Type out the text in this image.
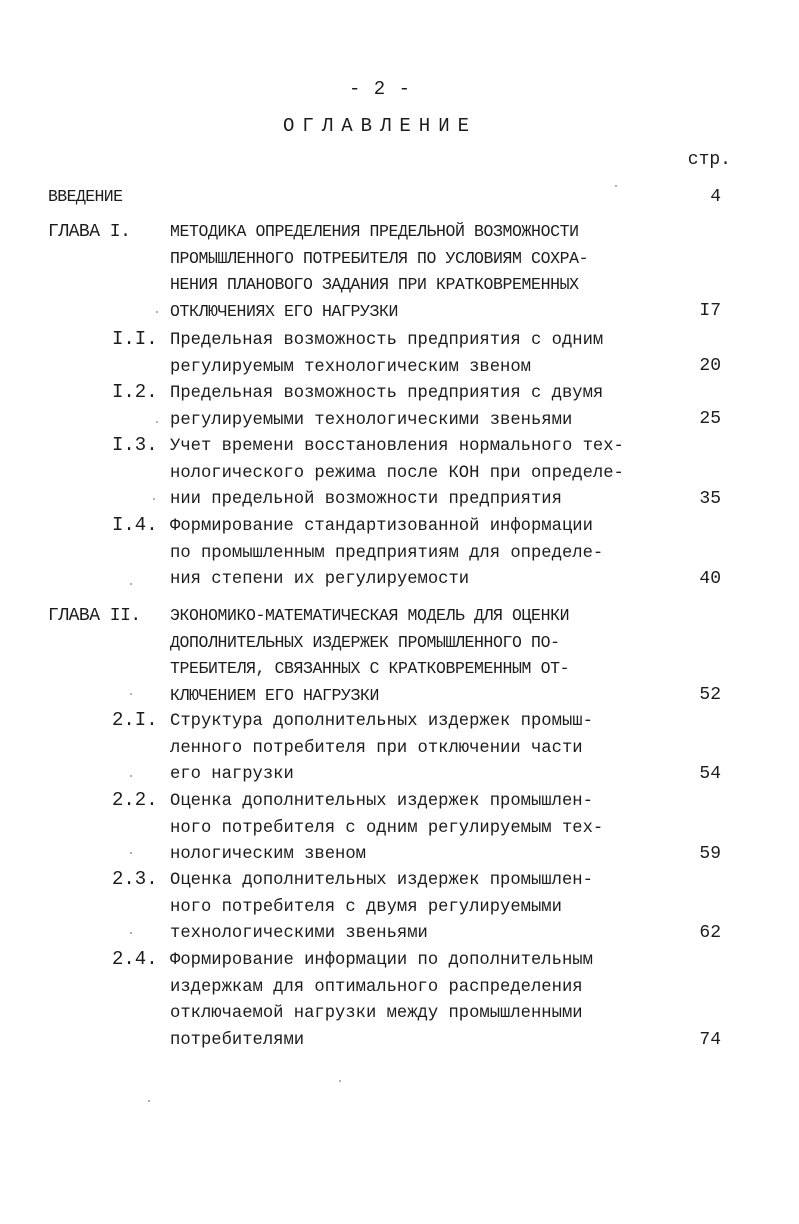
- 2 -
ОГЛАВЛЕНИЕ
стр.
ВВЕДЕНИЕ	4
ГЛАВА I. МЕТОДИКА ОПРЕДЕЛЕНИЯ ПРЕДЕЛЬНОЙ ВОЗМОЖНОСТИ
ПРОМЫШЛЕННОГО ПОТРЕБИТЕЛЯ ПО УСЛОВИЯМ СОХРА-
НЕНИЯ ПЛАНОВОГО ЗАДАНИЯ ПРИ КРАТКОВРЕМЕННЫХ
ОТКЛЮЧЕНИЯХ ЕГО НАГРУЗКИ	I7
I.I. Предельная возможность предприятия с одним
регулируемым технологическим звеном	20
I.2. Предельная возможность предприятия с двумя
регулируемыми технологическими звеньями	25
I.3. Учет времени восстановления нормального тех-
нологического режима после КОН при определе-
нии предельной возможности предприятия	35
I.4. Формирование стандартизованной информации
по промышленным предприятиям для определе-
ния степени их регулируемости	40
ГЛАВА II. ЭКОНОМИКО-МАТЕМАТИЧЕСКАЯ МОДЕЛЬ ДЛЯ ОЦЕНКИ
ДОПОЛНИТЕЛЬНЫХ ИЗДЕРЖЕК ПРОМЫШЛЕННОГО ПО-
ТРЕБИТЕЛЯ, СВЯЗАННЫХ С КРАТКОВРЕМЕННЫМ ОТ-
КЛЮЧЕНИЕМ ЕГО НАГРУЗКИ	52
2.I. Структура дополнительных издержек промыш-
ленного потребителя при отключении части
его нагрузки	54
2.2. Оценка дополнительных издержек промышлен-
ного потребителя с одним регулируемым тех-
нологическим звеном	59
2.3. Оценка дополнительных издержек промышлен-
ного потребителя с двумя регулируемыми
технологическими звеньями	62
2.4. Формирование информации по дополнительным
издержкам для оптимального распределения
отключаемой нагрузки между промышленными
потребителями	74
